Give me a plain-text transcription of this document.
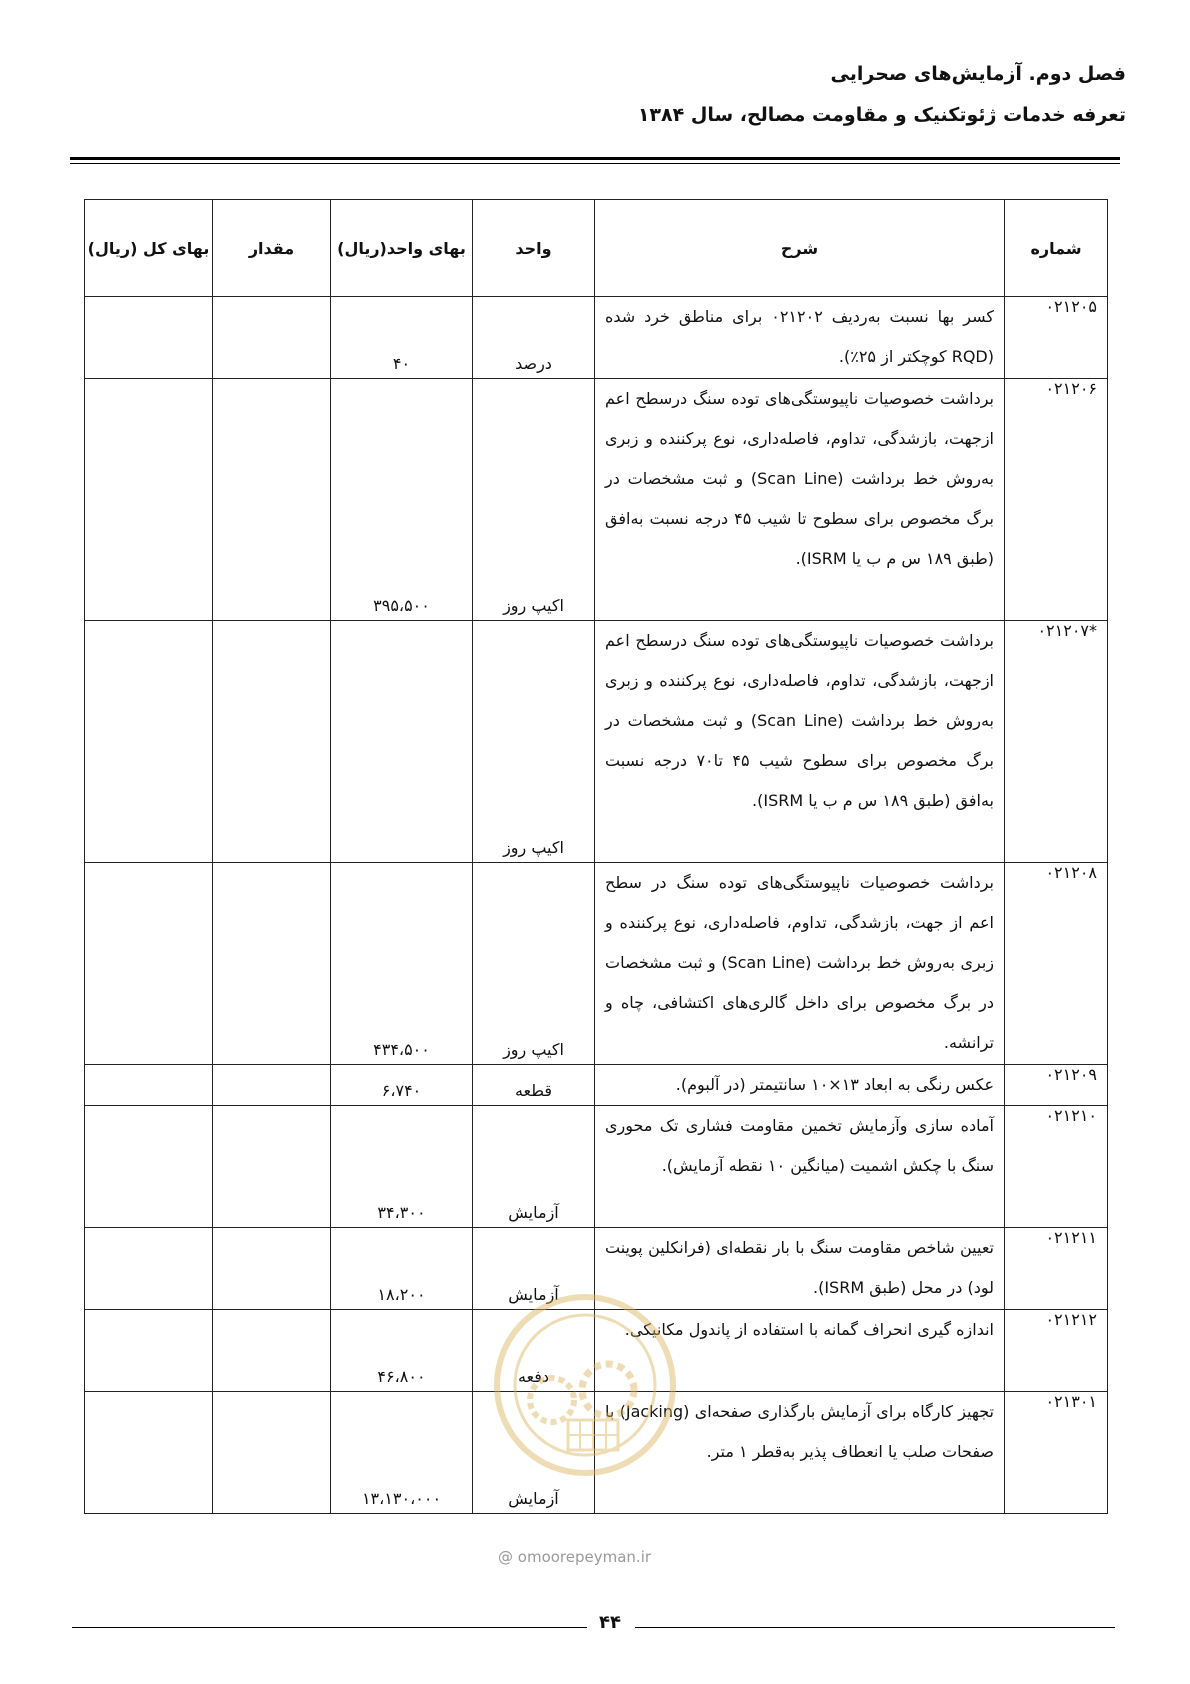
فصل دوم. آزمایش‌های صحرایی
تعرفه خدمات ژئوتکنیک و مقاومت مصالح، سال ۱۳۸۴
شماره	شرح	واحد	بهای واحد(ریال)	مقدار	بهای کل (ریال)
۰۲۱۲۰۵	کسر بها نسبت به‌ردیف ۰۲۱۲۰۲ برای مناطق خرد شده (RQD کوچکتر از ۲۵٪).	درصد	۴۰		
۰۲۱۲۰۶	برداشت خصوصیات ناپیوستگی‌های توده سنگ درسطح اعم ازجهت، بازشدگی، تداوم، فاصله‌داری، نوع پرکننده و زبری به‌روش خط برداشت (Scan Line) و ثبت مشخصات در برگ مخصوص برای سطوح تا شیب ۴۵ درجه نسبت به‌افق (طبق ۱۸۹ س م ب یا ISRM).	اکیپ روز	۳۹۵،۵۰۰		
۰۲۱۲۰۷*	برداشت خصوصیات ناپیوستگی‌های توده سنگ درسطح اعم ازجهت، بازشدگی، تداوم، فاصله‌داری، نوع پرکننده و زبری به‌روش خط برداشت (Scan Line) و ثبت مشخصات در برگ مخصوص برای سطوح شیب ۴۵ تا۷۰ درجه نسبت به‌افق (طبق ۱۸۹ س م ب یا ISRM).	اکیپ روز			
۰۲۱۲۰۸	برداشت خصوصیات ناپیوستگی‌های توده سنگ در سطح اعم از جهت، بازشدگی، تداوم، فاصله‌داری، نوع پرکننده و زبری به‌روش خط برداشت (Scan Line) و ثبت مشخصات در برگ مخصوص برای داخل گالری‌های اکتشافی، چاه و ترانشه.	اکیپ روز	۴۳۴،۵۰۰		
۰۲۱۲۰۹	عکس رنگی به ابعاد ۱۳×۱۰ سانتیمتر (در آلبوم).	قطعه	۶،۷۴۰		
۰۲۱۲۱۰	آماده سازی وآزمایش تخمین مقاومت فشاری تک محوری سنگ با چکش اشمیت (میانگین ۱۰ نقطه آزمایش).	آزمایش	۳۴،۳۰۰		
۰۲۱۲۱۱	تعیین شاخص مقاومت سنگ با بار نقطه‌ای (فرانکلین پوینت لود) در محل (طبق ISRM).	آزمایش	۱۸،۲۰۰		
۰۲۱۲۱۲	اندازه گیری انحراف گمانه با استفاده از پاندول مکانیکی.	دفعه	۴۶،۸۰۰		
۰۲۱۳۰۱	تجهیز کارگاه برای آزمایش بارگذاری صفحه‌ای (Jacking) با صفحات صلب یا انعطاف پذیر به‌قطر ۱ متر.	آزمایش	۱۳،۱۳۰،۰۰۰		
@ omoorepeyman.ir
۴۴
